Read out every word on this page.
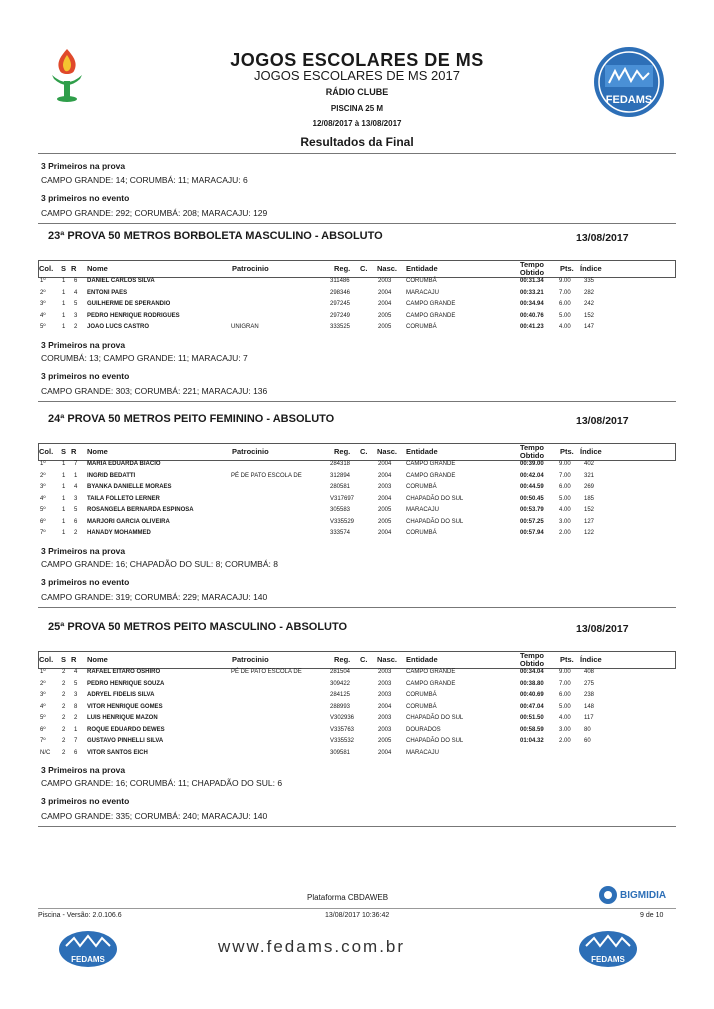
FEDAMS
JOGOS ESCOLARES DE MS
JOGOS ESCOLARES DE MS 2017
RÁDIO CLUBE
PISCINA 25 M
12/08/2017 à 13/08/2017
Resultados da Final
3 Primeiros na prova
CAMPO GRANDE: 14; CORUMBÁ: 11; MARACAJU: 6
3 primeiros no evento
CAMPO GRANDE: 292; CORUMBÁ: 208; MARACAJU: 129
23ª PROVA 50 METROS BORBOLETA MASCULINO - ABSOLUTO	13/08/2017
Col. S R Nome	Patrocinio	Reg. C. Nasc. Entidade	Pts. Índice
Tempo
Obtido
1º	1 6 DANIEL CARLOS SILVA	311486	2003 CORUMBÁ	00:31.34	9.00 335
2º	1 4 ENTONI PAES	298346	2004 MARACAJU	00:33.21	7.00 282
3º	1 5 GUILHERME DE SPERANDIO	297245	2004 CAMPO GRANDE	00:34.94	6.00 242
4º	1 3 PEDRO HENRIQUE RODRIGUES	297249	2005 CAMPO GRANDE	00:40.76	5.00 152
5º	1 2 JOAO LUCS CASTRO	UNIGRAN	333525	2005 CORUMBÁ	00:41.23	4.00 147
3 Primeiros na prova
CORUMBÁ: 13; CAMPO GRANDE: 11; MARACAJU: 7
3 primeiros no evento
CAMPO GRANDE: 303; CORUMBÁ: 221; MARACAJU: 136
24ª PROVA 50 METROS PEITO FEMININO - ABSOLUTO	13/08/2017
Col. S R Nome	Patrocinio	Reg. C. Nasc. Entidade	Pts. Índice
Tempo
Obtido
1º	1 7 MARIA EDUARDA BIACIO	284318	2004 CAMPO GRANDE	00:39.00	9.00 402
2º	1 1 INGRID BEDATTI	PÉ DE PATO ESCOLA DE	312894	2004 CAMPO GRANDE	00:42.04	7.00 321
3º	1 4 BYANKA DANIELLE MORAES	280581	2003 CORUMBÁ	00:44.59	6.00 269
4º	1 3 TAILA FOLLETO LERNER	V317697	2004 CHAPADÃO DO SUL	00:50.45	5.00 185
5º	1 5 ROSANGELA BERNARDA ESPINOSA	305583	2005 MARACAJU	00:53.79	4.00 152
6º	1 6 MARJORI GARCIA OLIVEIRA	V335529	2005 CHAPADÃO DO SUL	00:57.25	3.00 127
7º	1 2 HANADY MOHAMMED	333574	2004 CORUMBÁ	00:57.94	2.00 122
3 Primeiros na prova
CAMPO GRANDE: 16; CHAPADÃO DO SUL: 8; CORUMBÁ: 8
3 primeiros no evento
CAMPO GRANDE: 319; CORUMBÁ: 229; MARACAJU: 140
25ª PROVA 50 METROS PEITO MASCULINO - ABSOLUTO	13/08/2017
Col. S R Nome	Patrocinio	Reg. C. Nasc. Entidade	Pts. Índice
Tempo
Obtido
1º	2 4 RAFAEL EITARO OSHIRO	PÉ DE PATO ESCOLA DE	281504	2003 CAMPO GRANDE	00:34.04	9.00 408
2º	2 5 PEDRO HENRIQUE SOUZA	309422	2003 CAMPO GRANDE	00:38.80	7.00 275
3º	2 3 ADRYEL FIDELIS SILVA	284125	2003 CORUMBÁ	00:40.69	6.00 238
4º	2 8 VITOR HENRIQUE GOMES	288993	2004 CORUMBÁ	00:47.04	5.00 148
5º	2 2 LUIS HENRIQUE MAZON	V302936	2003 CHAPADÃO DO SUL	00:51.50	4.00 117
6º	2 1 ROQUE EDUARDO DEWES	V335763	2003 DOURADOS	00:58.59	3.00 80
7º	2 7 GUSTAVO PINHELLI SILVA	V335532	2005 CHAPADÃO DO SUL	01:04.32	2.00 60
N/C 2 6 VITOR SANTOS EICH	309581	2004 MARACAJU
3 Primeiros na prova
CAMPO GRANDE: 16; CORUMBÁ: 11; CHAPADÃO DO SUL: 6
3 primeiros no evento
CAMPO GRANDE: 335; CORUMBÁ: 240; MARACAJU: 140
Plataforma CBDAWEB	BIGMIDIA
Piscina - Versão: 2.0.106.6	13/08/2017 10:36:42	9 de 10
FEDAMS
www.fedams.com.br
FEDAMS
